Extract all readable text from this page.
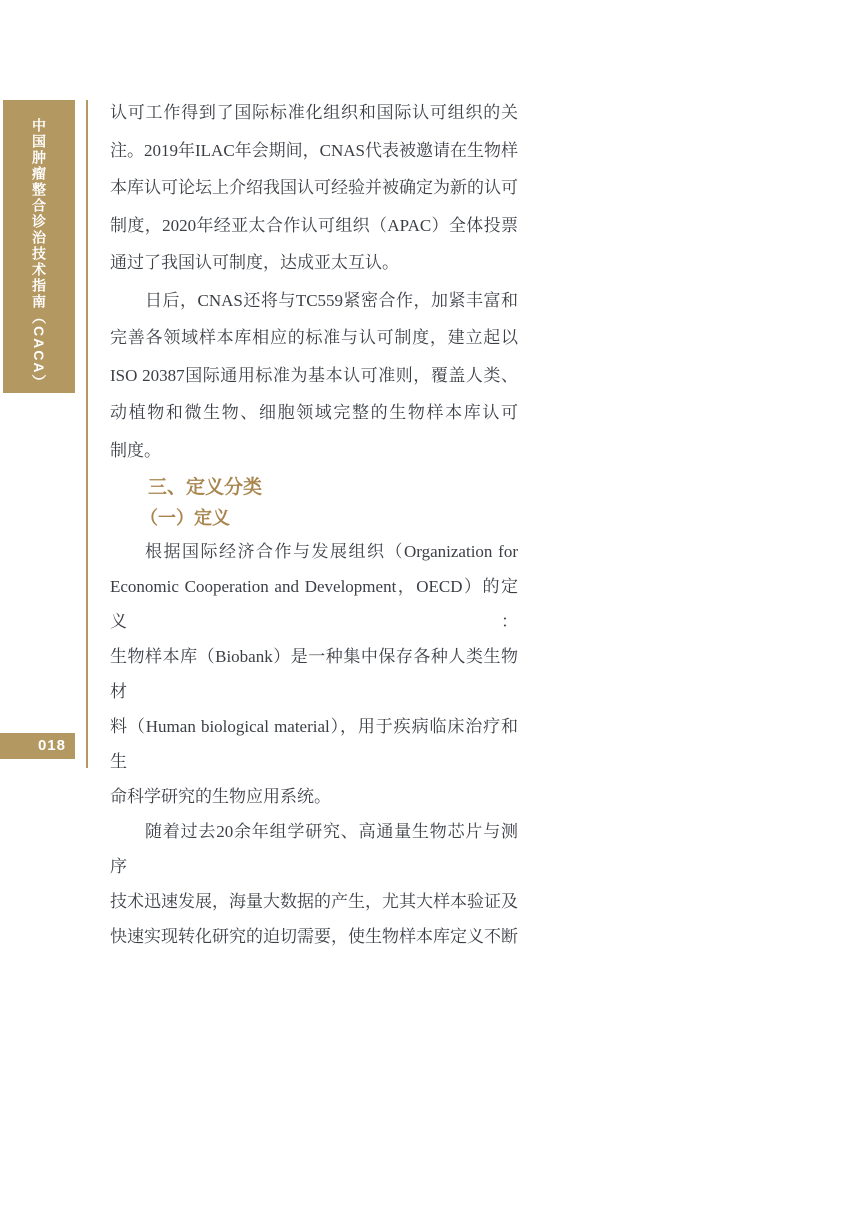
中国肿瘤整合诊治技术指南（CACA）
018
认可工作得到了国际标准化组织和国际认可组织的关
注。2019年ILAC年会期间，CNAS代表被邀请在生物样
本库认可论坛上介绍我国认可经验并被确定为新的认可
制度，2020年经亚太合作认可组织（APAC）全体投票
通过了我国认可制度，达成亚太互认。
日后，CNAS还将与TC559紧密合作，加紧丰富和
完善各领域样本库相应的标准与认可制度，建立起以
ISO 20387国际通用标准为基本认可准则，覆盖人类、
动植物和微生物、细胞领域完整的生物样本库认可
制度。
三、定义分类
（一）定义
根据国际经济合作与发展组织（Organization for
Economic Cooperation and Development，OECD）的定义：
生物样本库（Biobank）是一种集中保存各种人类生物材
料（Human biological material），用于疾病临床治疗和生
命科学研究的生物应用系统。
随着过去20余年组学研究、高通量生物芯片与测序
技术迅速发展，海量大数据的产生，尤其大样本验证及
快速实现转化研究的迫切需要，使生物样本库定义不断
